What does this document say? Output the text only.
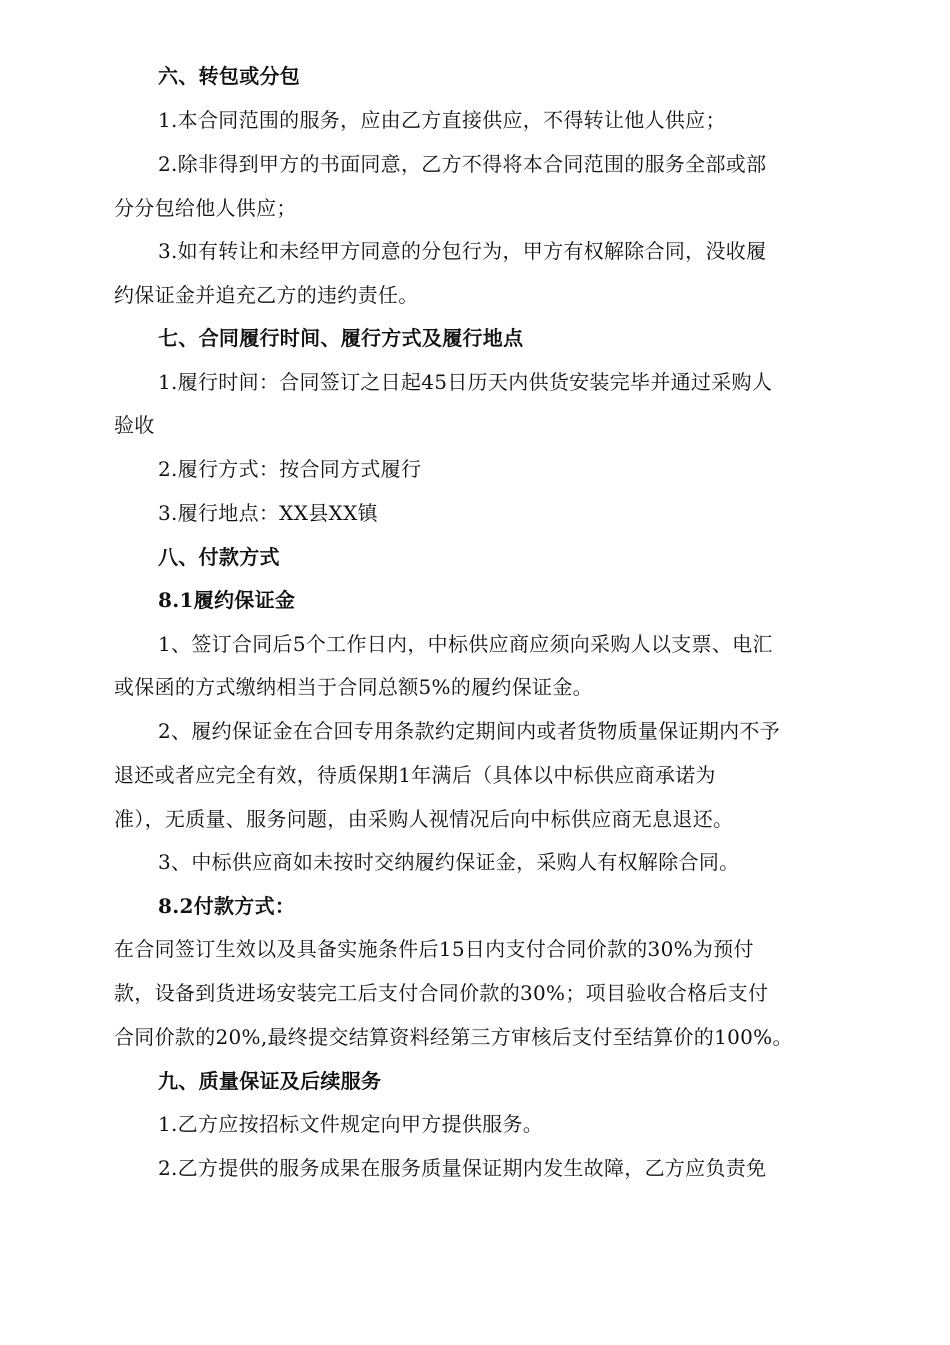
六、转包或分包
1.本合同范围的服务，应由乙方直接供应，不得转让他人供应；
2.除非得到甲方的书面同意，乙方不得将本合同范围的服务全部或部
分分包给他人供应；
3.如有转让和未经甲方同意的分包行为，甲方有权解除合同，没收履
约保证金并追充乙方的违约责任。
七、合同履行时间、履行方式及履行地点
1.履行时间：合同签订之日起45日历天内供货安装完毕并通过采购人
验收
2.履行方式：按合同方式履行
3.履行地点：XX县XX镇
八、付款方式
8.1履约保证金
1、签订合同后5个工作日内，中标供应商应须向采购人以支票、电汇
或保函的方式缴纳相当于合同总额5%的履约保证金。
2、履约保证金在合回专用条款约定期间内或者货物质量保证期内不予
退还或者应完全有效，待质保期1年满后（具体以中标供应商承诺为
准），无质量、服务问题，由采购人视情况后向中标供应商无息退还。
3、中标供应商如未按时交纳履约保证金，采购人有权解除合同。
8.2付款方式：
在合同签订生效以及具备实施条件后15日内支付合同价款的30%为预付
款，设备到货进场安装完工后支付合同价款的30%；项目验收合格后支付
合同价款的20%,最终提交结算资料经第三方审核后支付至结算价的100%。
九、质量保证及后续服务
1.乙方应按招标文件规定向甲方提供服务。
2.乙方提供的服务成果在服务质量保证期内发生故障，乙方应负责免
